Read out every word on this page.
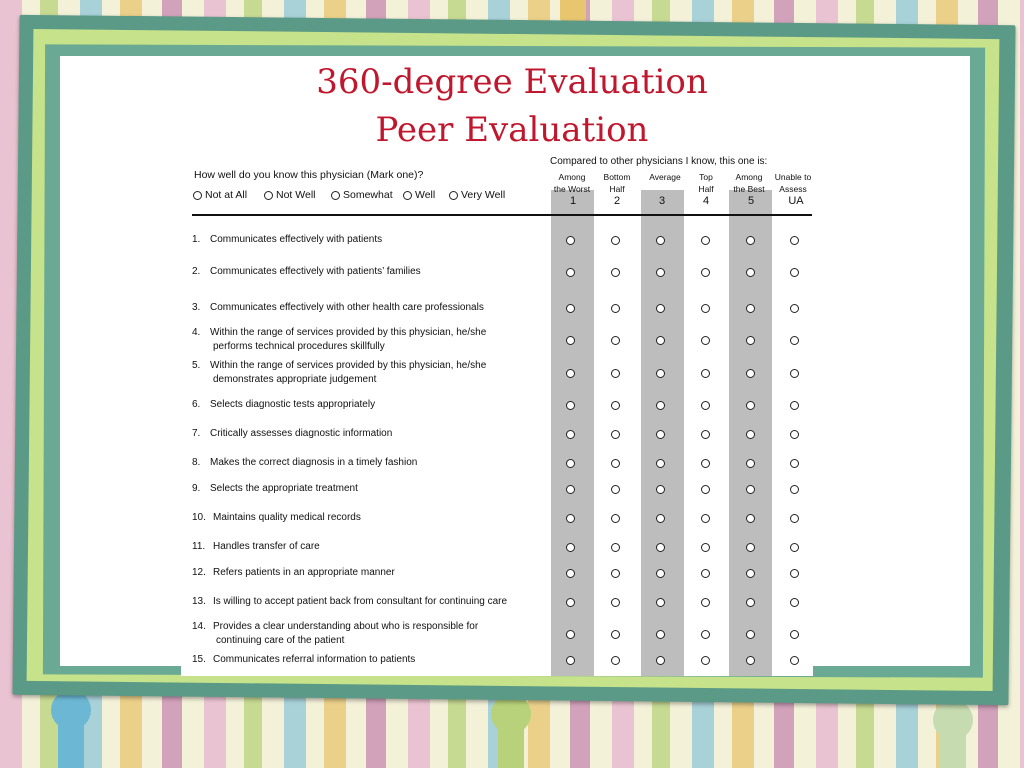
360-degree Evaluation
Peer Evaluation
How well do you know this physician (Mark one)?
Not at All	Not Well	Somewhat Well Very Well
Compared to other physicians I know, this one is:
Among
the Worst
1
Bottom
Half
2
Average
3
Top
Half
4
Among
the Best
5
Unable to
Assess
UA
1. Communicates effectively with patients
2. Communicates effectively with patients’ families
3. Communicates effectively with other health care professionals
4. Within the range of services provided by this physician, he/she
performs technical procedures skillfully
5. Within the range of services provided by this physician, he/she
demonstrates appropriate judgement
6. Selects diagnostic tests appropriately
7. Critically assesses diagnostic information
8. Makes the correct diagnosis in a timely fashion
9. Selects the appropriate treatment
10. Maintains quality medical records
11. Handles transfer of care
12. Refers patients in an appropriate manner
13. Is willing to accept patient back from consultant for continuing care
14. Provides a clear understanding about who is responsible for
continuing care of the patient
15. Communicates referral information to patients
